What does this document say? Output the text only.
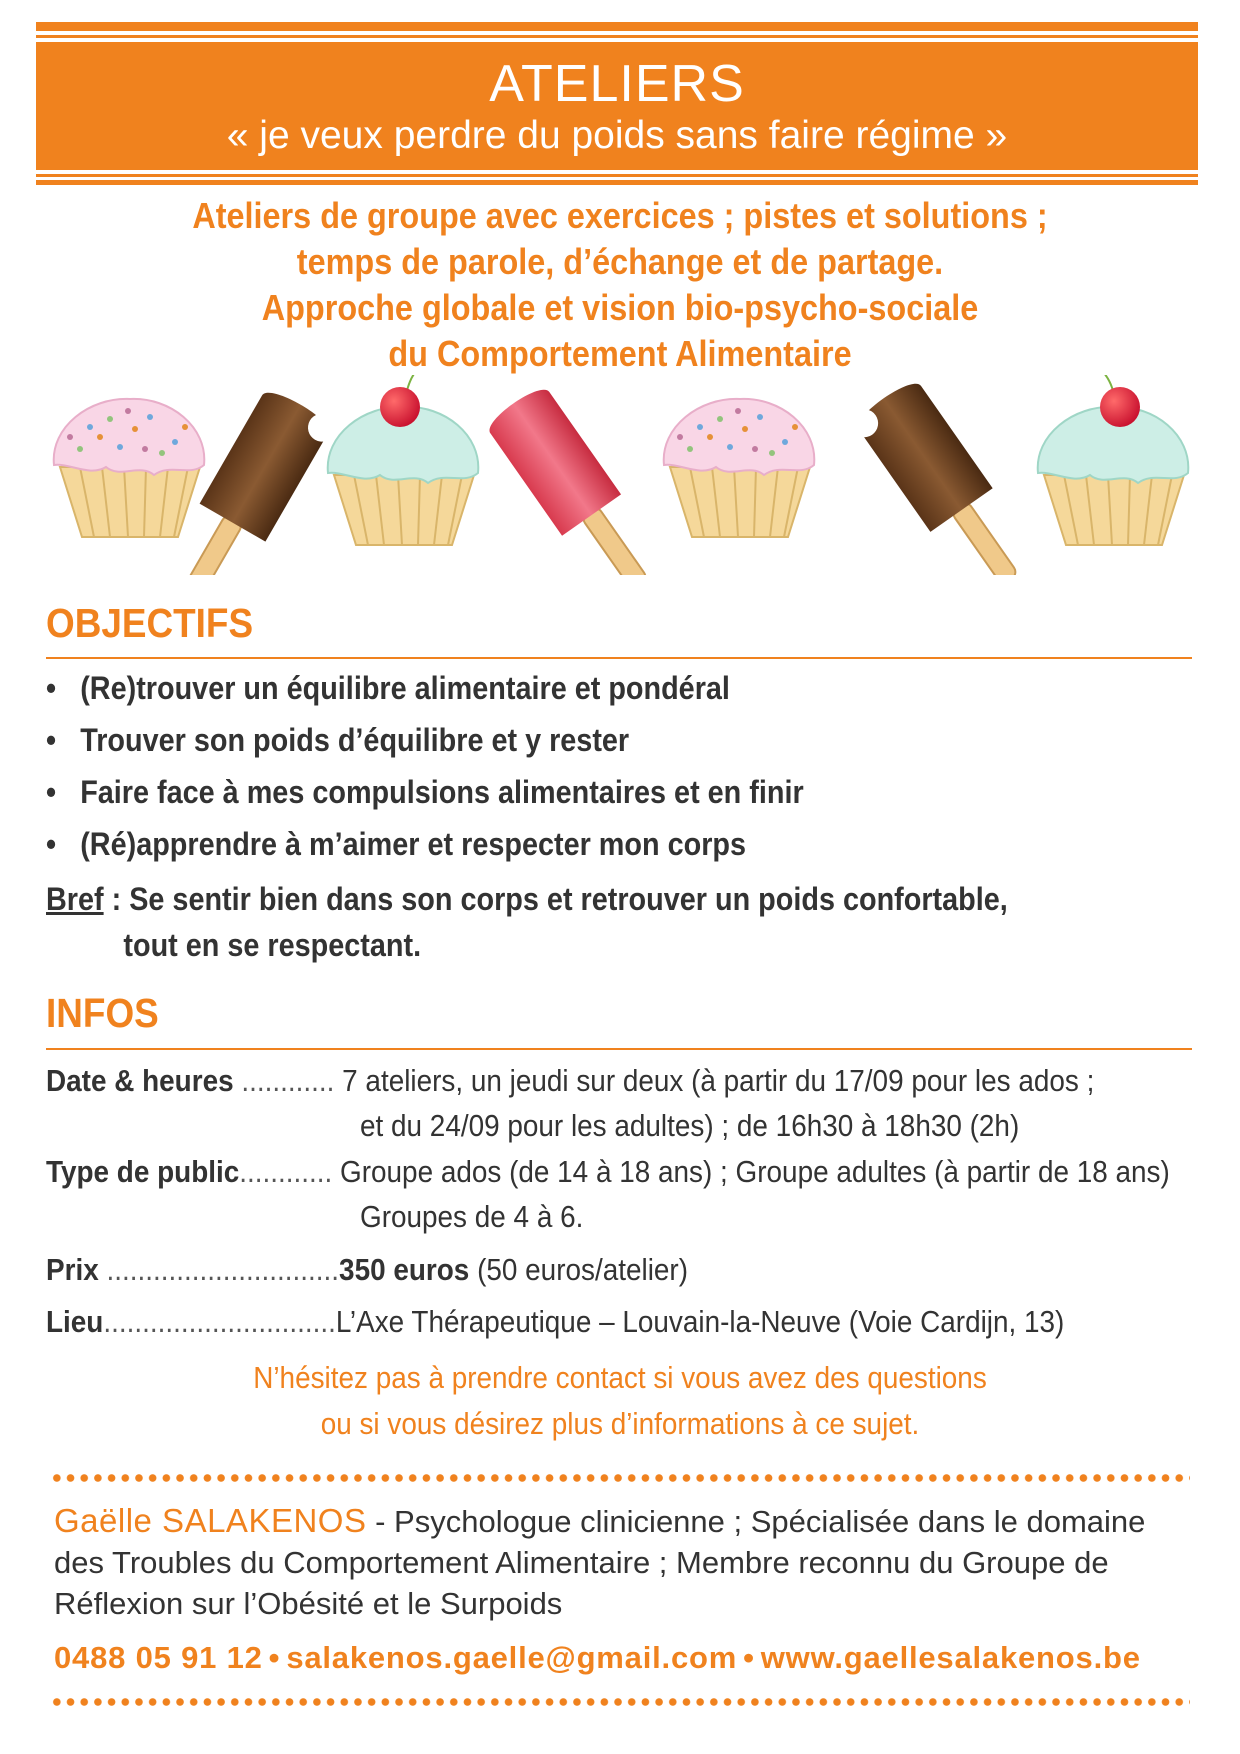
ATELIERS
« je veux perdre du poids sans faire régime »
Ateliers de groupe avec exercices ; pistes et solutions ;
temps de parole, d’échange et de partage.
Approche globale et vision bio-psycho-sociale
du Comportement Alimentaire
OBJECTIFS
• (Re)trouver un équilibre alimentaire et pondéral
• Trouver son poids d’équilibre et y rester
• Faire face à mes compulsions alimentaires et en finir
• (Ré)apprendre à m’aimer et respecter mon corps
Bref : Se sentir bien dans son corps et retrouver un poids confortable,
tout en se respectant.
INFOS
Date & heures ............ 7 ateliers, un jeudi sur deux (à partir du 17/09 pour les ados ;
et du 24/09 pour les adultes) ; de 16h30 à 18h30 (2h)
Type de public............ Groupe ados (de 14 à 18 ans) ; Groupe adultes (à partir de 18 ans)
Groupes de 4 à 6.
Prix ..............................350 euros (50 euros/atelier)
Lieu..............................L’Axe Thérapeutique – Louvain-la-Neuve (Voie Cardijn, 13)
N’hésitez pas à prendre contact si vous avez des questions
ou si vous désirez plus d’informations à ce sujet.
Gaëlle SALAKENOS - Psychologue clinicienne ; Spécialisée dans le domaine des Troubles du Comportement Alimentaire ; Membre reconnu du Groupe de Réflexion sur l’Obésité et le Surpoids
0488 05 91 12 • salakenos.gaelle@gmail.com • www.gaellesalakenos.be
